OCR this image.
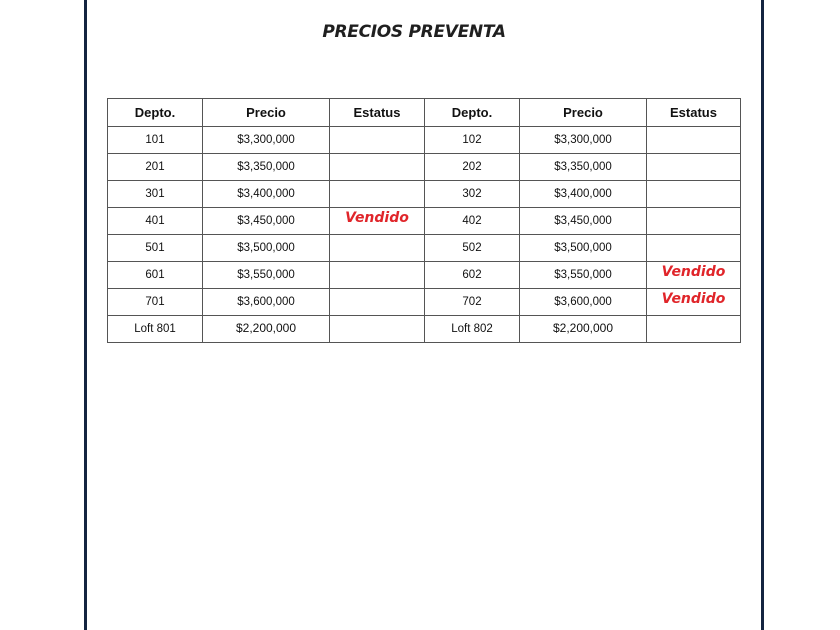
PRECIOS PREVENTA
Depto.	Precio	Estatus	Depto.	Precio	Estatus
101	$3,300,000		102	$3,300,000	
201	$3,350,000		202	$3,350,000	
301	$3,400,000		302	$3,400,000	
401	$3,450,000	Vendido	402	$3,450,000	
501	$3,500,000		502	$3,500,000	
601	$3,550,000		602	$3,550,000	Vendido
701	$3,600,000		702	$3,600,000	Vendido
Loft 801	$2,200,000		Loft 802	$2,200,000	
